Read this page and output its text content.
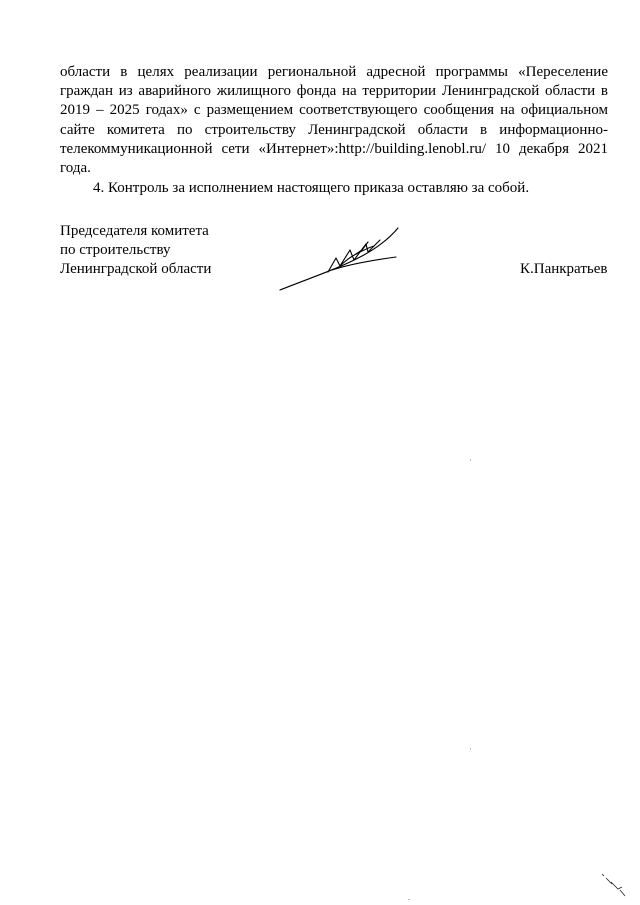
области в целях реализации региональной адресной программы «Переселение
граждан из аварийного жилищного фонда на территории Ленинградской области в
2019 – 2025 годах» с размещением соответствующего сообщения на официальном
сайте комитета по строительству Ленинградской области в информационно-
телекоммуникационной сети «Интернет»:http://building.lenobl.ru/ 10 декабря 2021
года.
4. Контроль за исполнением настоящего приказа оставляю за собой.
Председателя комитета
по строительству
Ленинградской области	К.Панкратьев
